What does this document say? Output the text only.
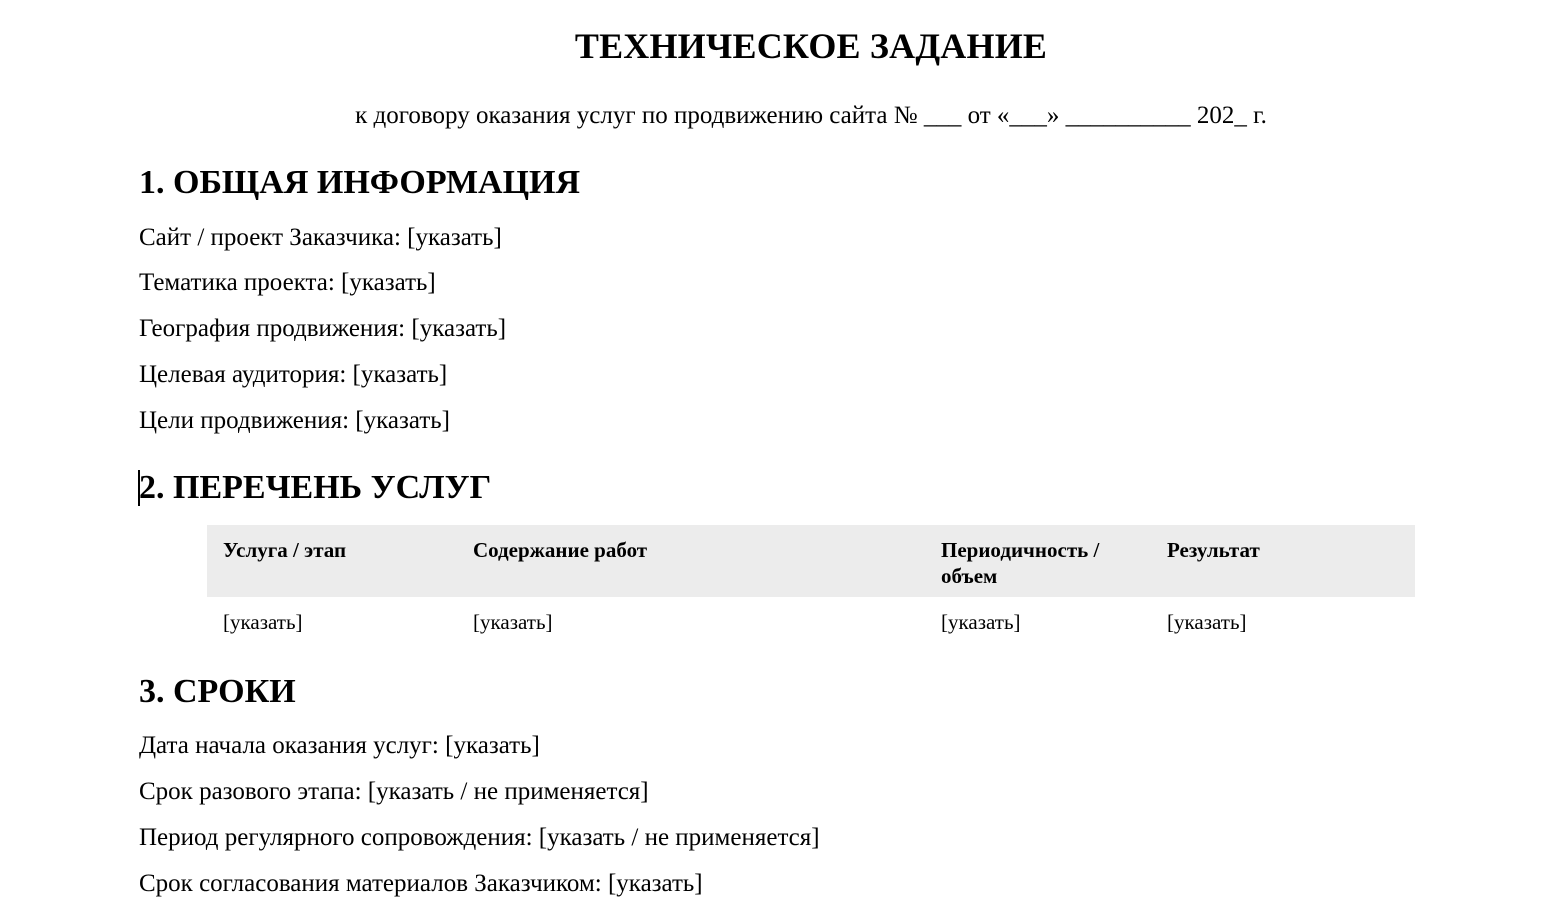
ТЕХНИЧЕСКОЕ ЗАДАНИЕ
к договору оказания услуг по продвижению сайта № ___ от «___» __________ 202_ г.
1. ОБЩАЯ ИНФОРМАЦИЯ
Сайт / проект Заказчика: [указать]
Тематика проекта: [указать]
География продвижения: [указать]
Целевая аудитория: [указать]
Цели продвижения: [указать]
2. ПЕРЕЧЕНЬ УСЛУГ
Услуга / этап	Содержание работ	Периодичность / объем	Результат
[указать]	[указать]	[указать]	[указать]
3. СРОКИ
Дата начала оказания услуг: [указать]
Срок разового этапа: [указать / не применяется]
Период регулярного сопровождения: [указать / не применяется]
Срок согласования материалов Заказчиком: [указать]
